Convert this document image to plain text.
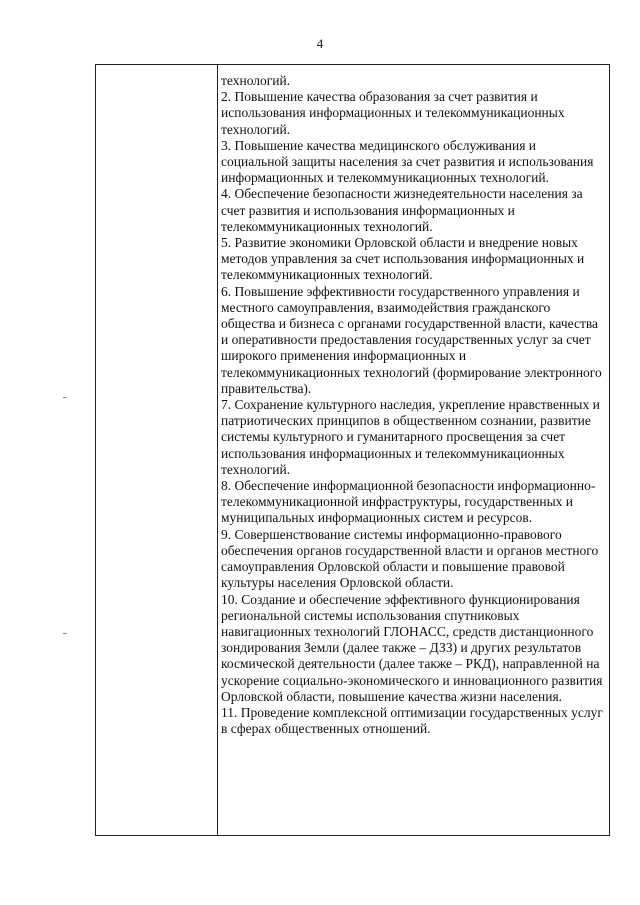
4

технологий.

2. Повышение качества образования за счет развития и использования информационных и телекоммуникационных технологий.

3. Повышение качества медицинского обслуживания и социальной защиты населения за счет развития и использования информационных и телекоммуникационных технологий.

4. Обеспечение безопасности жизнедеятельности населения за счет развития и использования информационных и телекоммуникационных технологий.

5. Развитие экономики Орловской области и внедрение новых методов управления за счет использования информационных и телекоммуникационных технологий.

6. Повышение эффективности государственного управления и местного самоуправления, взаимодействия гражданского общества и бизнеса с органами государственной власти, качества и оперативности предоставления государственных услуг за счет широкого применения информационных и телекоммуникационных технологий (формирование электронного правительства).

7. Сохранение культурного наследия, укрепление нравственных и патриотических принципов в общественном сознании, развитие системы культурного и гуманитарного просвещения за счет использования информационных и телекоммуникационных технологий.

8. Обеспечение информационной безопасности информационно-телекоммуникационной инфраструктуры, государственных и муниципальных информационных систем и ресурсов.

9. Совершенствование системы информационно-правового обеспечения органов государственной власти и органов местного самоуправления Орловской области и повышение правовой культуры населения Орловской области.

10. Создание и обеспечение эффективного функционирования региональной системы использования спутниковых навигационных технологий ГЛОНАСС, средств дистанционного зондирования Земли (далее также – ДЗЗ) и других результатов космической деятельности (далее также – РКД), направленной на ускорение социально-экономического и инновационного развития Орловской области, повышение качества жизни населения.

11. Проведение комплексной оптимизации государственных услуг в сферах общественных отношений.
